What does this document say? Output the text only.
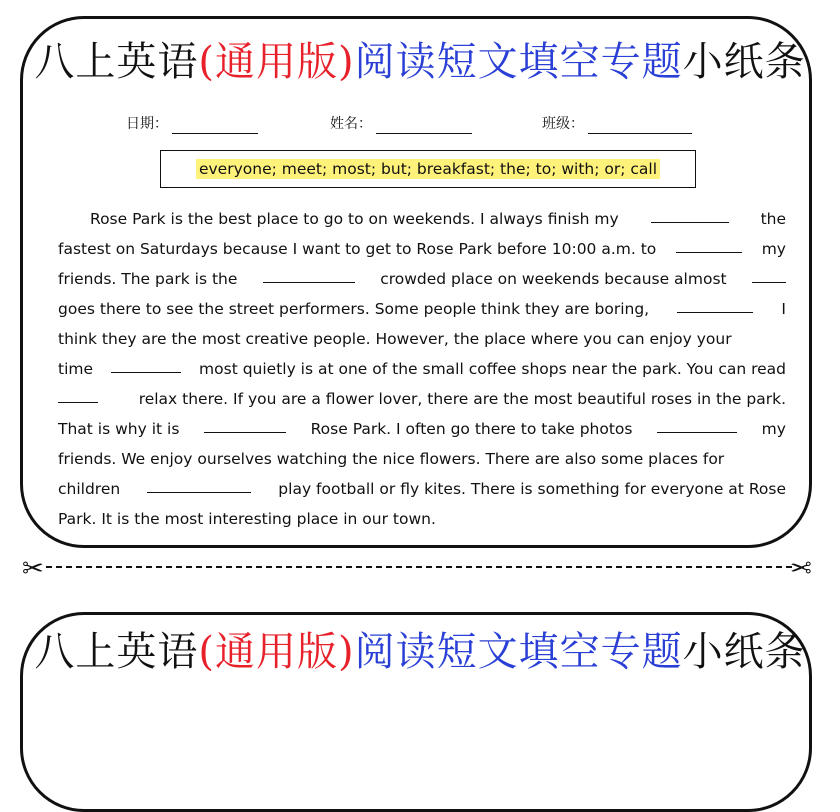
八上英语(通用版)阅读短文填空专题小纸条
日期：	姓名：	班级：
everyone; meet; most; but; breakfast; the; to; with; or; call
Rose Park is the best place to go to on weekends. I always finish my	the
fastest on Saturdays because I want to get to Rose Park before 10:00 a.m. to	my
friends. The park is the	crowded place on weekends because almost
goes there to see the street performers. Some people think they are boring,	I
think they are the most creative people. However, the place where you can enjoy your
time	most quietly is at one of the small coffee shops near the park. You can read
relax there. If you are a flower lover, there are the most beautiful roses in the park.
That is why it is	Rose Park. I often go there to take photos	my
friends. We enjoy ourselves watching the nice flowers. There are also some places for
children	play football or fly kites. There is something for everyone at Rose
Park. It is the most interesting place in our town.
✂	✂
八上英语(通用版)阅读短文填空专题小纸条
